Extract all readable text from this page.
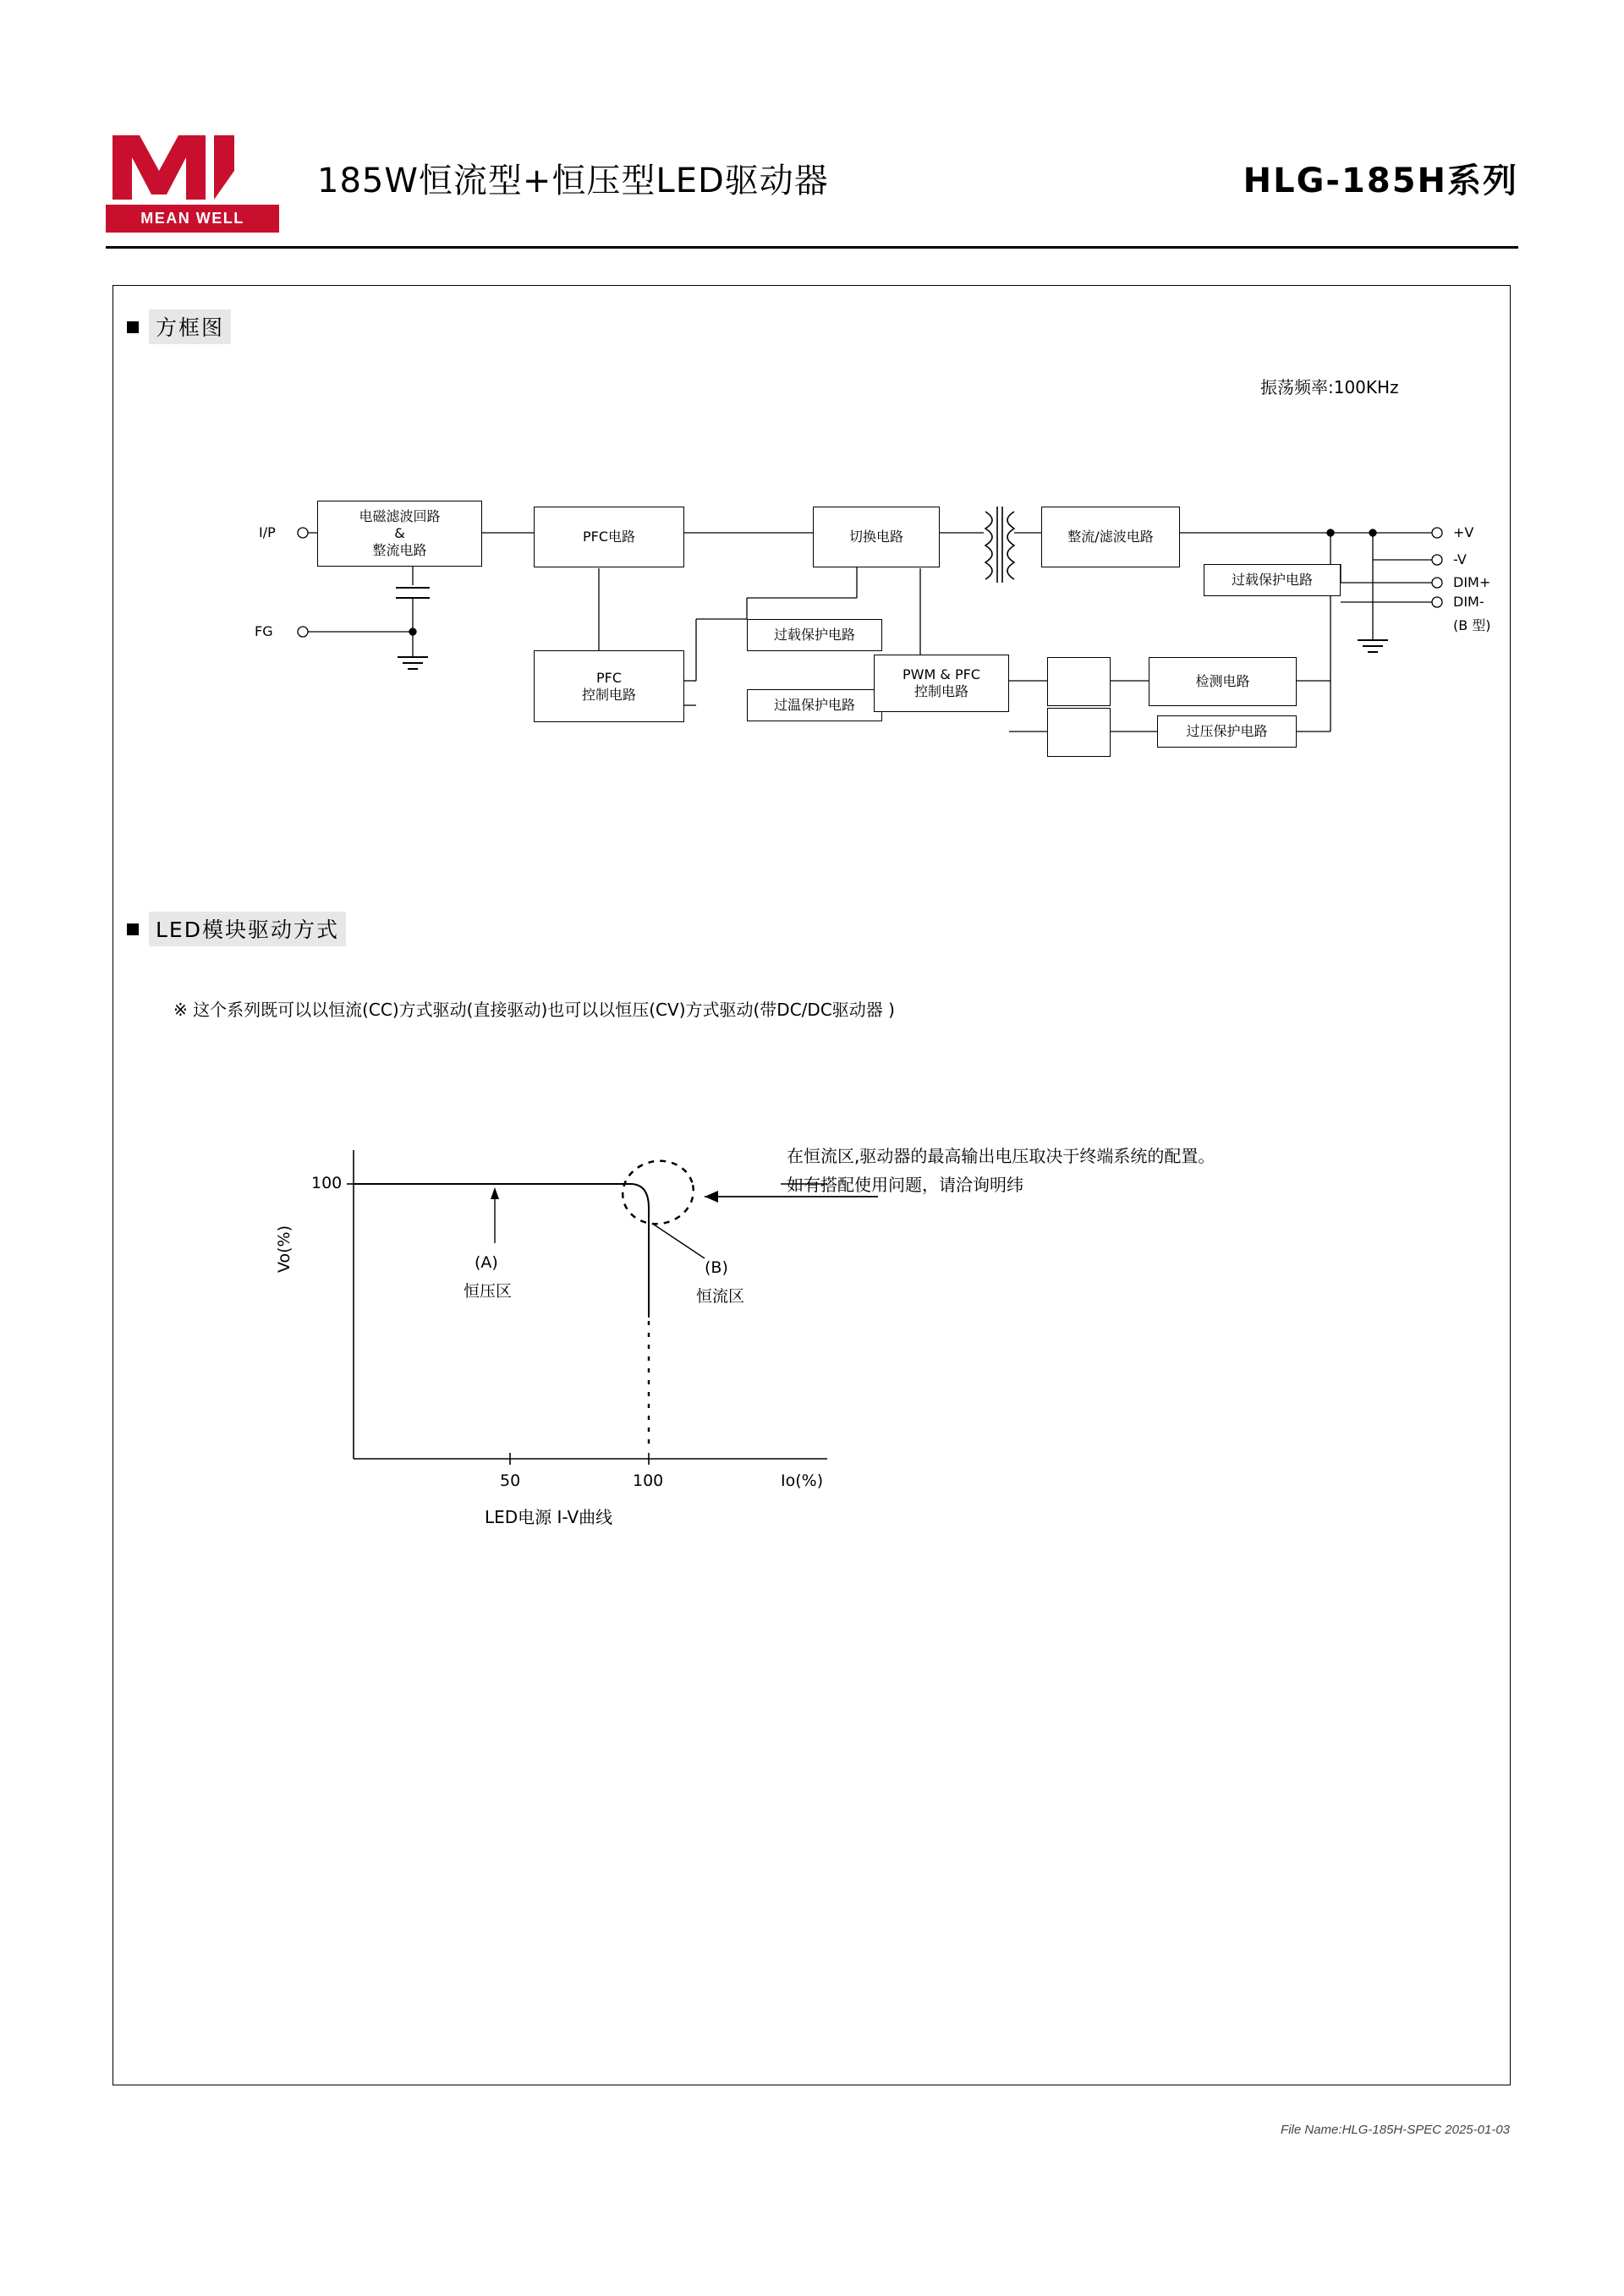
MEAN WELL
185W恒流型+恒压型LED驱动器	HLG-185H系列
方框图
振荡频率:100KHz
电磁滤波回路
&
整流电路
PFC电路	切换电路	整流/滤波电路
PFC
控制电路
过载保护电路
过温保护电路
PWM & PFC
控制电路
检测电路
过压保护电路
过载保护电路
I/P
FG
+V
-V
DIM+
DIM-
(B 型)
LED模块驱动方式
※ 这个系列既可以以恒流(CC)方式驱动(直接驱动)也可以以恒压(CV)方式驱动(带DC/DC驱动器 )
100
Vo(%)
50	100	Io(%)
(A)
恒压区
(B)
恒流区
LED电源 I-V曲线
在恒流区,驱动器的最高输出电压取决于终端系统的配置。
如有搭配使用问题，请洽询明纬
File Name:HLG-185H-SPEC 2025-01-03
